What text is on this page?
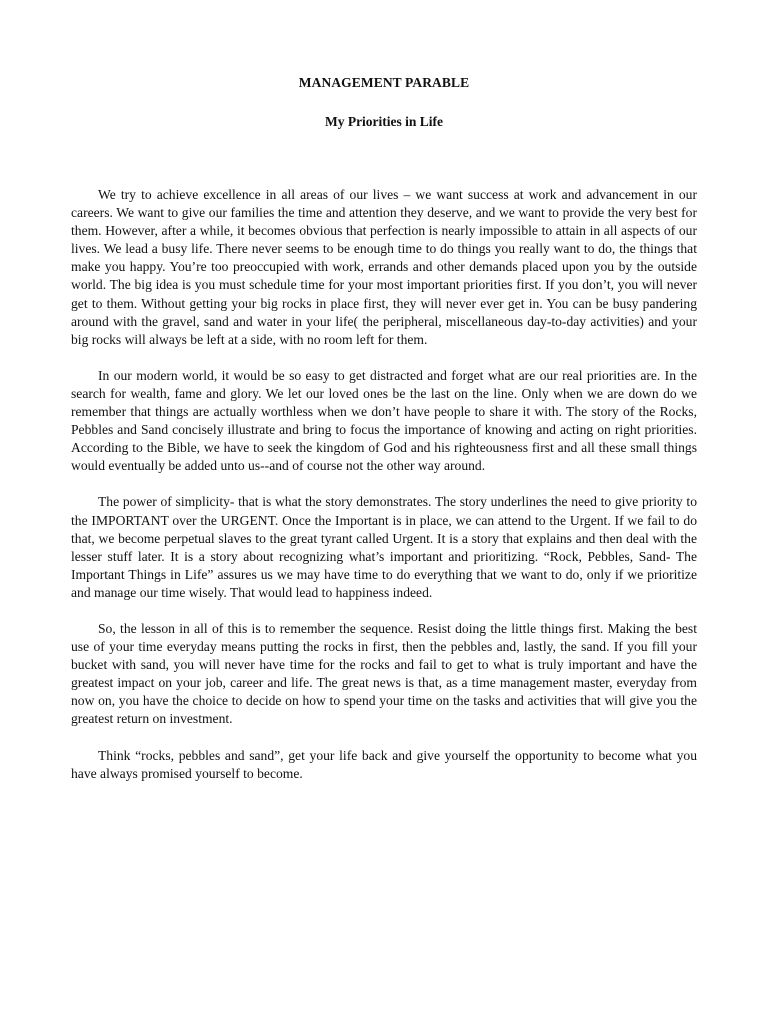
MANAGEMENT PARABLE
My Priorities in Life

We try to achieve excellence in all areas of our lives – we want success at work and advancement in our careers. We want to give our families the time and attention they deserve, and we want to provide the very best for them. However, after a while, it becomes obvious that perfection is nearly impossible to attain in all aspects of our lives. We lead a busy life. There never seems to be enough time to do things you really want to do, the things that make you happy. You’re too preoccupied with work, errands and other demands placed upon you by the outside world. The big idea is you must schedule time for your most important priorities first. If you don’t, you will never get to them. Without getting your big rocks in place first, they will never ever get in. You can be busy pandering around with the gravel, sand and water in your life( the peripheral, miscellaneous day-to-day activities) and your big rocks will always be left at a side, with no room left for them.

In our modern world, it would be so easy to get distracted and forget what are our real priorities are. In the search for wealth, fame and glory. We let our loved ones be the last on the line. Only when we are down do we remember that things are actually worthless when we don’t have people to share it with. The story of the Rocks, Pebbles and Sand concisely illustrate and bring to focus the importance of knowing and acting on right priorities. According to the Bible, we have to seek the kingdom of God and his righteousness first and all these small things would eventually be added unto us--and of course not the other way around.

The power of simplicity- that is what the story demonstrates. The story underlines the need to give priority to the IMPORTANT over the URGENT. Once the Important is in place, we can attend to the Urgent. If we fail to do that, we become perpetual slaves to the great tyrant called Urgent. It is a story that explains and then deal with the lesser stuff later. It is a story about recognizing what’s important and prioritizing. “Rock, Pebbles, Sand- The Important Things in Life” assures us we may have time to do everything that we want to do, only if we prioritize and manage our time wisely. That would lead to happiness indeed.

So, the lesson in all of this is to remember the sequence. Resist doing the little things first. Making the best use of your time everyday means putting the rocks in first, then the pebbles and, lastly, the sand. If you fill your bucket with sand, you will never have time for the rocks and fail to get to what is truly important and have the greatest impact on your job, career and life. The great news is that, as a time management master, everyday from now on, you have the choice to decide on how to spend your time on the tasks and activities that will give you the greatest return on investment.

Think “rocks, pebbles and sand”, get your life back and give yourself the opportunity to become what you have always promised yourself to become.
